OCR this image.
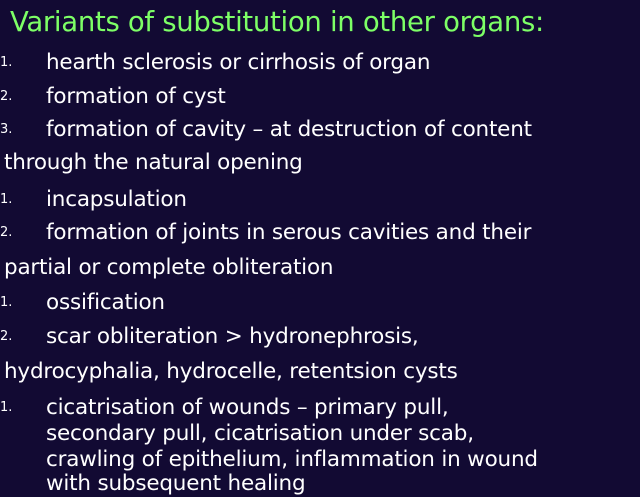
Variants of substitution in other organs:
1.	hearth sclerosis or cirrhosis of organ
2.	formation of cyst
3.	formation of cavity – at destruction of content
through the natural opening
1.	incapsulation
2.	formation of joints in serous cavities and their
partial or complete obliteration
1.	ossification
2.	scar obliteration > hydronephrosis,
hydrocyphalia, hydrocelle, retentsion cysts
1.	cicatrisation of wounds – primary pull,
secondary pull, cicatrisation under scab,
crawling of epithelium, inflammation in wound
with subsequent healing
